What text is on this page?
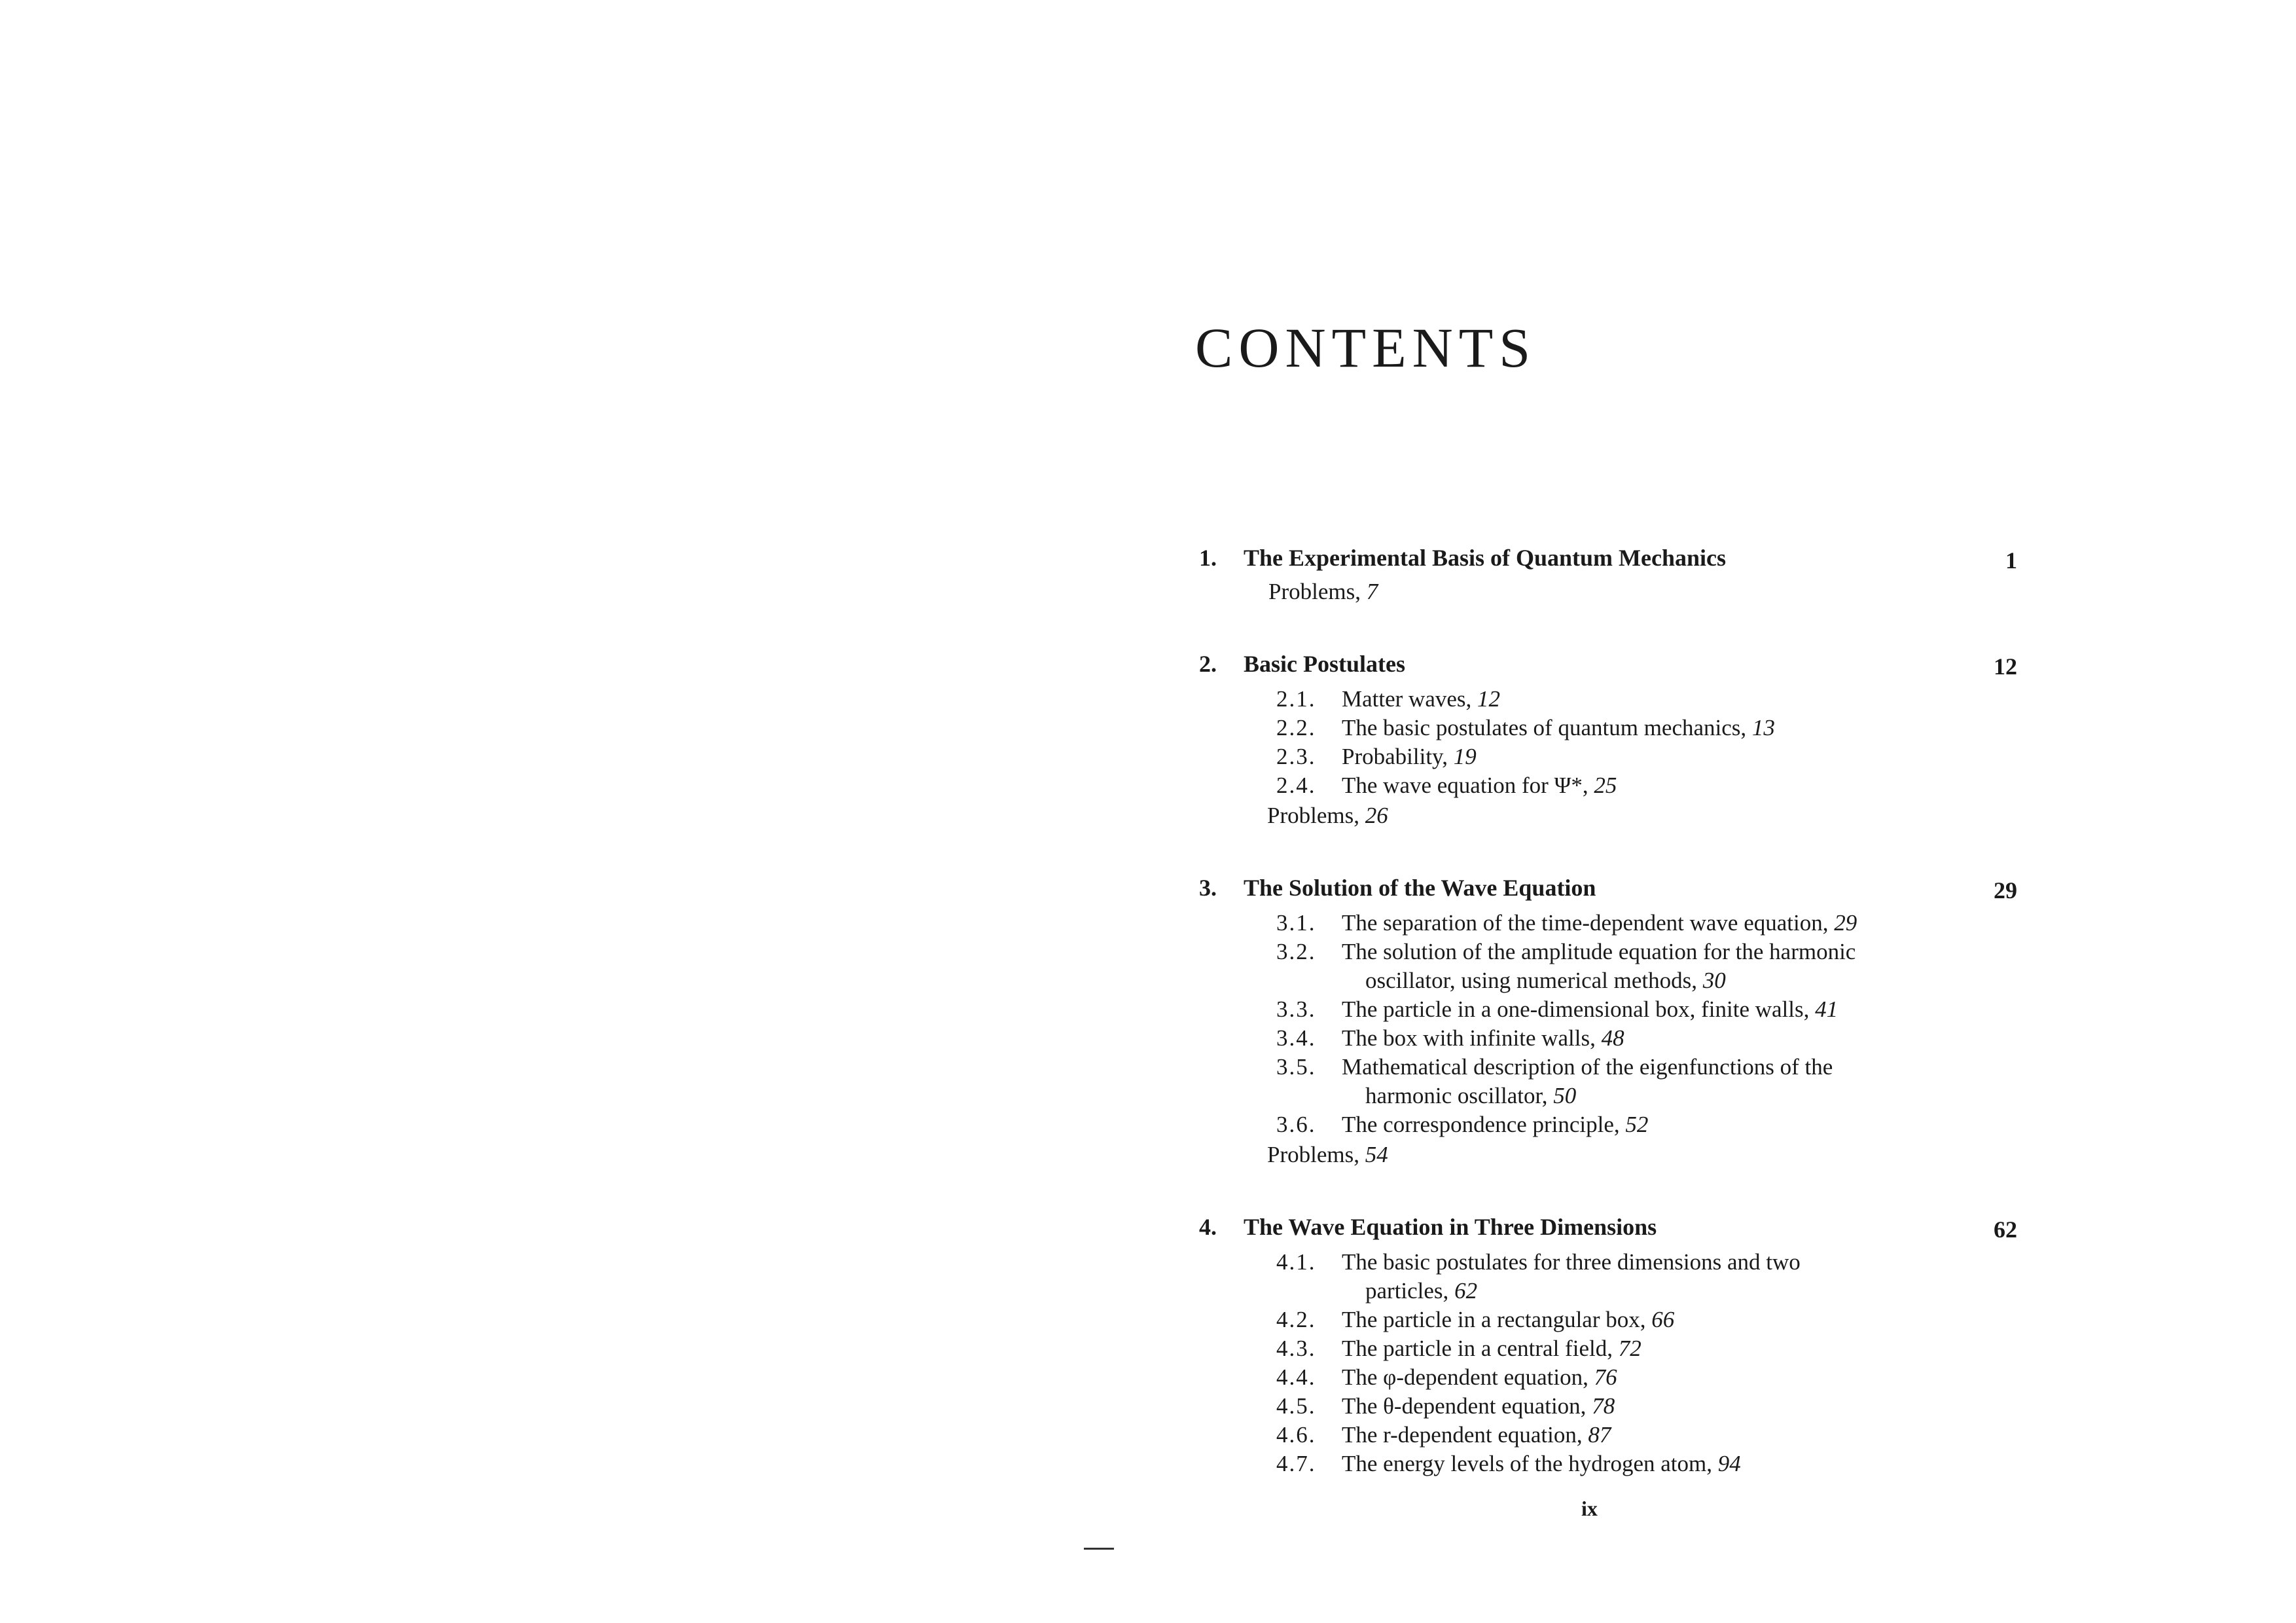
CONTENTS
1. The Experimental Basis of Quantum Mechanics	1
Problems, 7
2. Basic Postulates	12
2.1. Matter waves, 12
2.2. The basic postulates of quantum mechanics, 13
2.3. Probability, 19
2.4. The wave equation for Ψ*, 25
Problems, 26
3. The Solution of the Wave Equation	29
3.1. The separation of the time-dependent wave equation, 29
3.2. The solution of the amplitude equation for the harmonic
oscillator, using numerical methods, 30
3.3. The particle in a one-dimensional box, finite walls, 41
3.4. The box with infinite walls, 48
3.5. Mathematical description of the eigenfunctions of the
harmonic oscillator, 50
3.6. The correspondence principle, 52
Problems, 54
4. The Wave Equation in Three Dimensions	62
4.1. The basic postulates for three dimensions and two
particles, 62
4.2. The particle in a rectangular box, 66
4.3. The particle in a central field, 72
4.4. The φ-dependent equation, 76
4.5. The θ-dependent equation, 78
4.6. The r-dependent equation, 87
4.7. The energy levels of the hydrogen atom, 94
ix
